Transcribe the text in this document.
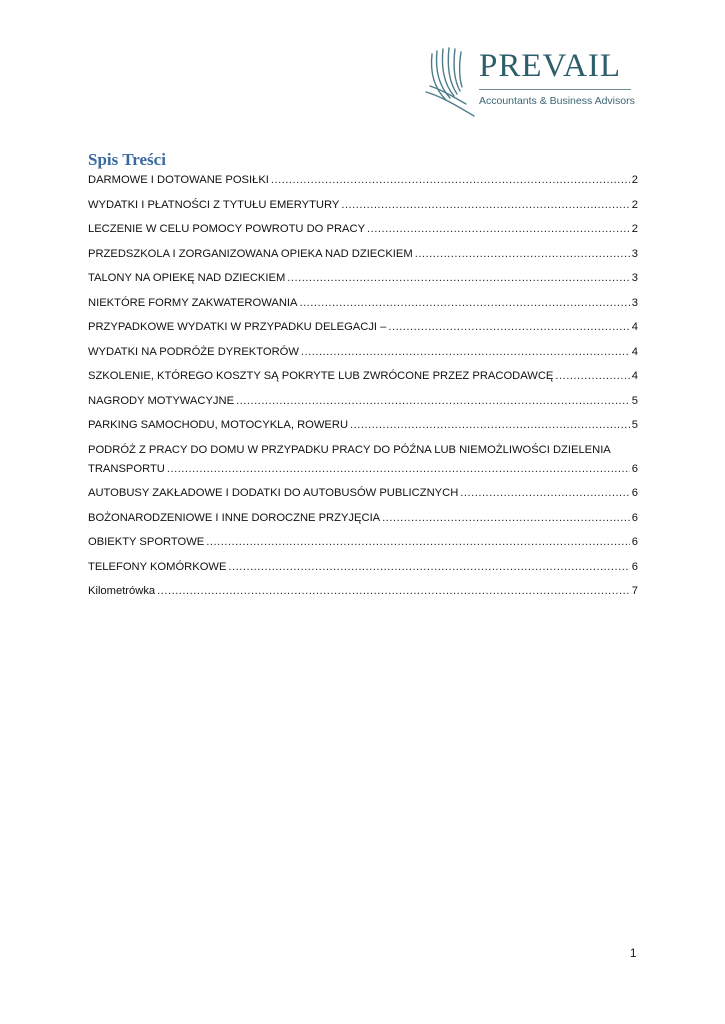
PREVAIL
Accountants & Business Advisors
Spis Treści
DARMOWE I DOTOWANE POSIŁKI .....	2
WYDATKI I PŁATNOŚCI Z TYTUŁU EMERYTURY .....	2
LECZENIE W CELU POMOCY POWROTU DO PRACY .....	2
PRZEDSZKOLA I ZORGANIZOWANA OPIEKA NAD DZIECKIEM .....	3
TALONY NA OPIEKĘ NAD DZIECKIEM .....	3
NIEKTÓRE FORMY ZAKWATEROWANIA .....	3
PRZYPADKOWE WYDATKI W PRZYPADKU DELEGACJI – .....	4
WYDATKI NA PODRÓŻE DYREKTORÓW .....	4
SZKOLENIE, KTÓREGO KOSZTY SĄ POKRYTE LUB ZWRÓCONE PRZEZ PRACODAWCĘ .....	4
NAGRODY MOTYWACYJNE .....	5
PARKING SAMOCHODU, MOTOCYKLA, ROWERU .....	5
PODRÓŻ Z PRACY DO DOMU W PRZYPADKU PRACY DO PÓŹNA LUB NIEMOŻLIWOŚCI DZIELENIA
TRANSPORTU .....	6
AUTOBUSY ZAKŁADOWE I DODATKI DO AUTOBUSÓW PUBLICZNYCH .....	6
BOŻONARODZENIOWE I INNE DOROCZNE PRZYJĘCIA .....	6
OBIEKTY SPORTOWE .....	6
TELEFONY KOMÓRKOWE .....	6
Kilometrówka .....	7
1
